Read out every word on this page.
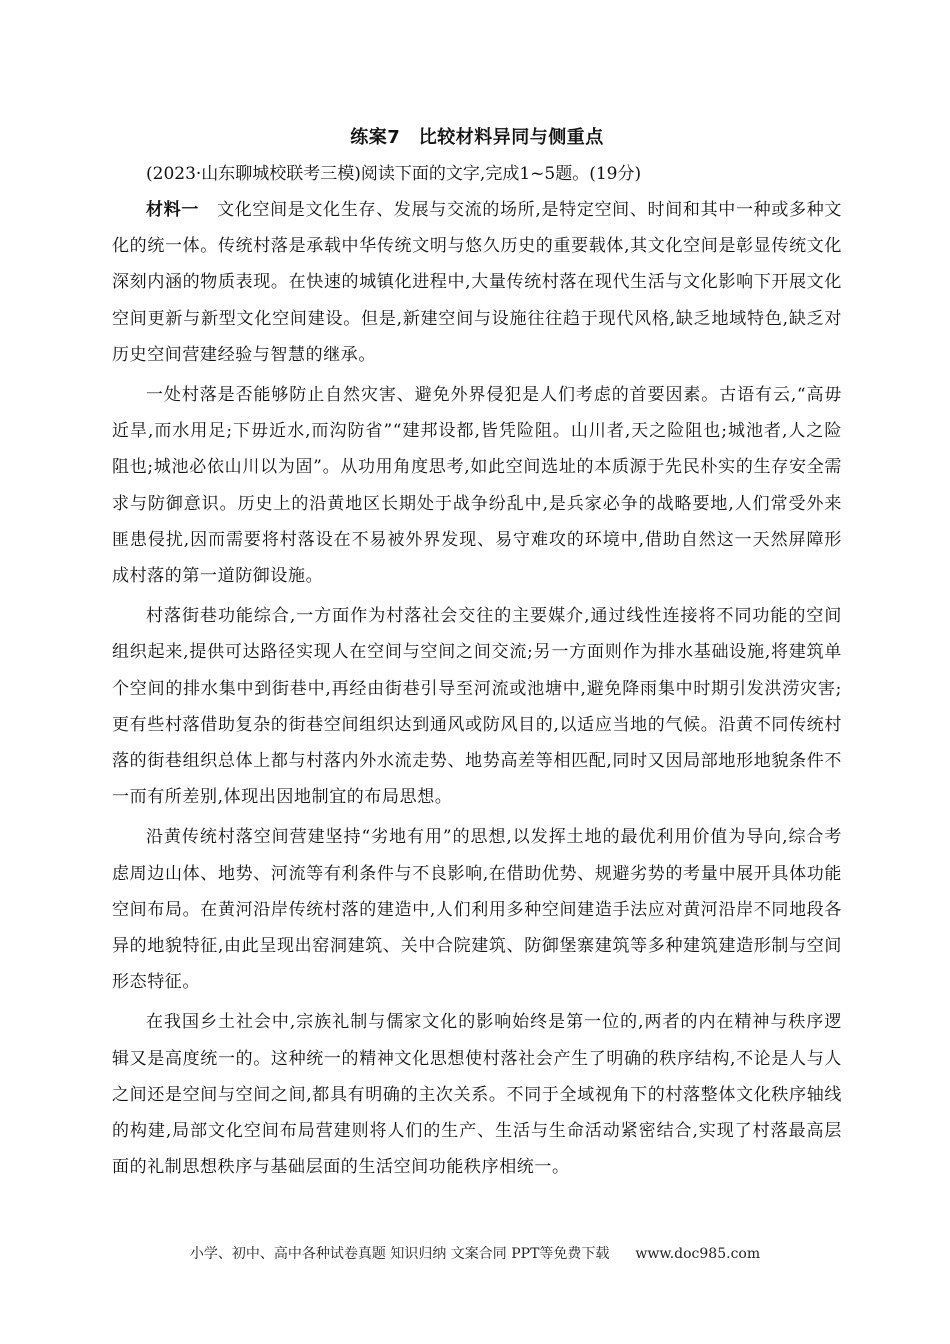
练案7　比较材料异同与侧重点

(2023·山东聊城校联考三模)阅读下面的文字,完成1~5题。(19分)

材料一 文化空间是文化生存、发展与交流的场所,是特定空间、时间和其中一种或多种文化的统一体。传统村落是承载中华传统文明与悠久历史的重要载体,其文化空间是彰显传统文化深刻内涵的物质表现。在快速的城镇化进程中,大量传统村落在现代生活与文化影响下开展文化空间更新与新型文化空间建设。但是,新建空间与设施往往趋于现代风格,缺乏地域特色,缺乏对历史空间营建经验与智慧的继承。

一处村落是否能够防止自然灾害、避免外界侵犯是人们考虑的首要因素。古语有云,“高毋近旱,而水用足;下毋近水,而沟防省”“建邦设都,皆凭险阻。山川者,天之险阻也;城池者,人之险阻也;城池必依山川以为固”。从功用角度思考,如此空间选址的本质源于先民朴实的生存安全需求与防御意识。历史上的沿黄地区长期处于战争纷乱中,是兵家必争的战略要地,人们常受外来匪患侵扰,因而需要将村落设在不易被外界发现、易守难攻的环境中,借助自然这一天然屏障形成村落的第一道防御设施。

村落街巷功能综合,一方面作为村落社会交往的主要媒介,通过线性连接将不同功能的空间组织起来,提供可达路径实现人在空间与空间之间交流;另一方面则作为排水基础设施,将建筑单个空间的排水集中到街巷中,再经由街巷引导至河流或池塘中,避免降雨集中时期引发洪涝灾害;更有些村落借助复杂的街巷空间组织达到通风或防风目的,以适应当地的气候。沿黄不同传统村落的街巷组织总体上都与村落内外水流走势、地势高差等相匹配,同时又因局部地形地貌条件不一而有所差别,体现出因地制宜的布局思想。

沿黄传统村落空间营建坚持“劣地有用”的思想,以发挥土地的最优利用价值为导向,综合考虑周边山体、地势、河流等有利条件与不良影响,在借助优势、规避劣势的考量中展开具体功能空间布局。在黄河沿岸传统村落的建造中,人们利用多种空间建造手法应对黄河沿岸不同地段各异的地貌特征,由此呈现出窑洞建筑、关中合院建筑、防御堡寨建筑等多种建筑建造形制与空间形态特征。

在我国乡土社会中,宗族礼制与儒家文化的影响始终是第一位的,两者的内在精神与秩序逻辑又是高度统一的。这种统一的精神文化思想使村落社会产生了明确的秩序结构,不论是人与人之间还是空间与空间之间,都具有明确的主次关系。不同于全域视角下的村落整体文化秩序轴线的构建,局部文化空间布局营建则将人们的生产、生活与生命活动紧密结合,实现了村落最高层面的礼制思想秩序与基础层面的生活空间功能秩序相统一。

小学、初中、高中各种试卷真题 知识归纳 文案合同 PPT等免费下载 www.doc985.com
